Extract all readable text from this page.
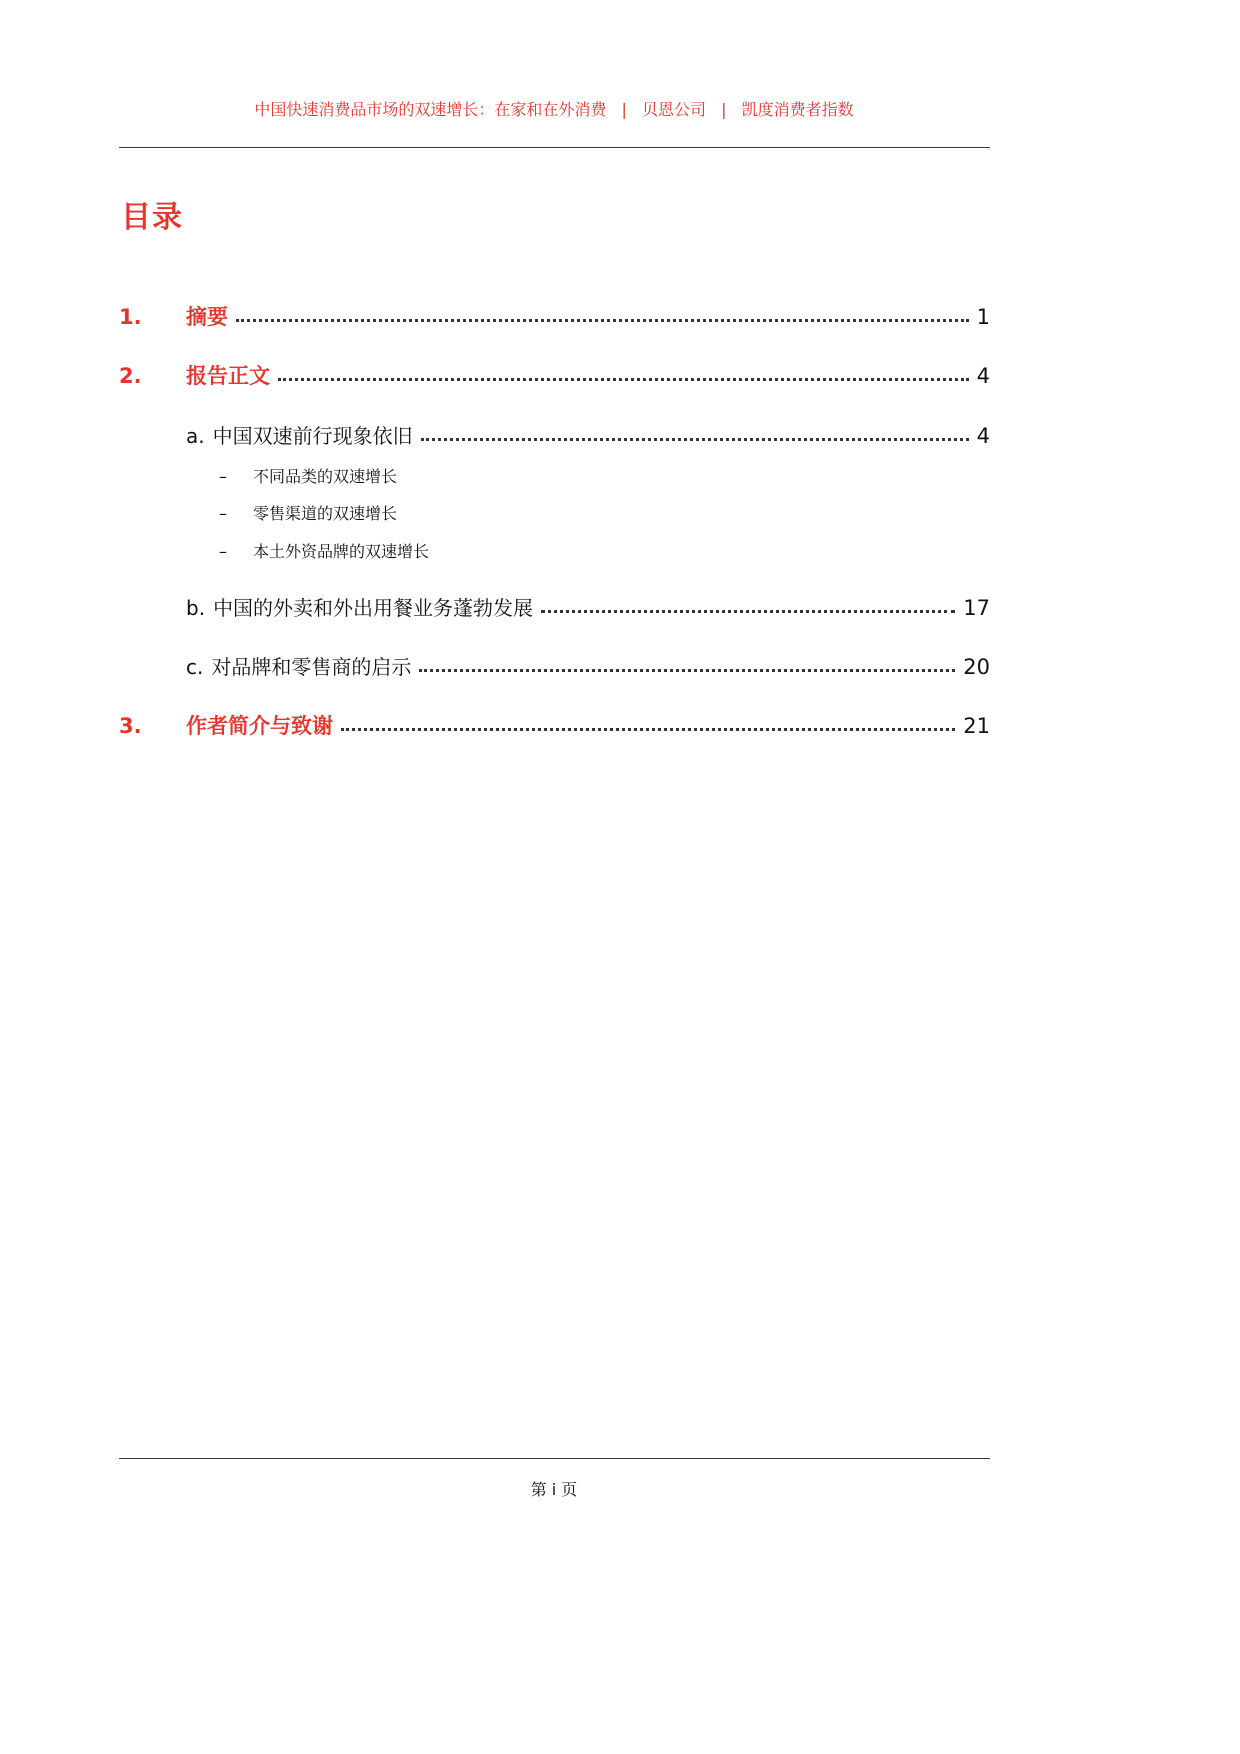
中国快速消费品市场的双速增长：在家和在外消费 | 贝恩公司 | 凯度消费者指数
目录
1.	摘要	1
2.	报告正文	4
a. 中国双速前行现象依旧	4
– 不同品类的双速增长
– 零售渠道的双速增长
– 本土外资品牌的双速增长
b. 中国的外卖和外出用餐业务蓬勃发展	17
c. 对品牌和零售商的启示	20
3.	作者简介与致谢	21
第 i 页
